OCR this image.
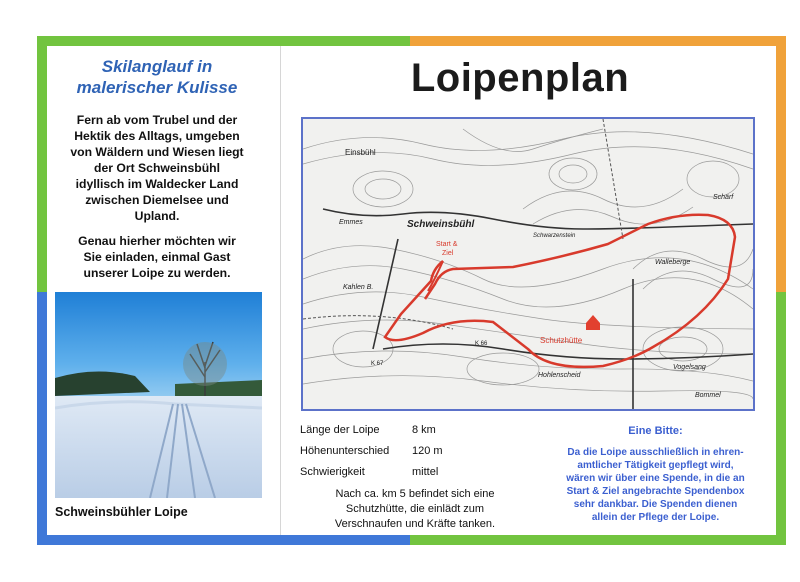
Skilanglauf in
malerischer Kulisse
Fern ab vom Trubel und der
Hektik des Alltags, umgeben
von Wäldern und Wiesen liegt
der Ort Schweinsbühl
idyllisch im Waldecker Land
zwischen Diemelsee und
Upland.
Genau hierher möchten wir
Sie einladen, einmal Gast
unserer Loipe zu werden.
Schweinsbühler Loipe
Loipenplan
Einsbühl
Schweinsbühl
Start &
Ziel
Schutzhütte
Hohlenscheid
Walleberge
Vogelsang
Bommel
Schärf
Kahlen B.
K 66
K 67
Emmes
Schwarzenstein
Länge der Loipe	8 km
Höhenunterschied 120 m
Schwierigkeit	mittel
Nach ca. km 5 befindet sich eine
Schutzhütte, die einlädt zum
Verschnaufen und Kräfte tanken.
Eine Bitte:
Da die Loipe ausschließlich in ehren-
amtlicher Tätigkeit gepflegt wird,
wären wir über eine Spende, in die an
Start & Ziel angebrachte Spendenbox
sehr dankbar. Die Spenden dienen
allein der Pflege der Loipe.
